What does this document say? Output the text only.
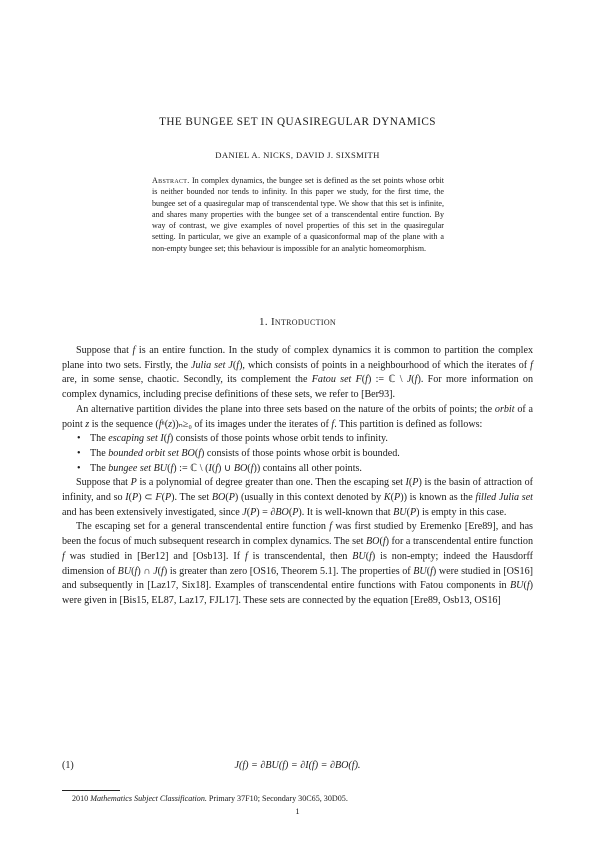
THE BUNGEE SET IN QUASIREGULAR DYNAMICS
DANIEL A. NICKS, DAVID J. SIXSMITH
Abstract. In complex dynamics, the bungee set is defined as the set points whose orbit is neither bounded nor tends to infinity. In this paper we study, for the first time, the bungee set of a quasiregular map of transcendental type. We show that this set is infinite, and shares many properties with the bungee set of a transcendental entire function. By way of contrast, we give examples of novel properties of this set in the quasiregular setting. In particular, we give an example of a quasiconformal map of the plane with a non-empty bungee set; this behaviour is impossible for an analytic homeomorphism.
1. Introduction

Suppose that f is an entire function. In the study of complex dynamics it is common to partition the complex plane into two sets. Firstly, the Julia set J(f), which consists of points in a neighbourhood of which the iterates of f are, in some sense, chaotic. Secondly, its complement the Fatou set F(f) := ℂ \ J(f). For more information on complex dynamics, including precise definitions of these sets, we refer to [Ber93].

An alternative partition divides the plane into three sets based on the nature of the orbits of points; the orbit of a point z is the sequence (fⁿ(z))ₙ≥₀ of its images under the iterates of f. This partition is defined as follows:

• The escaping set I(f) consists of those points whose orbit tends to infinity.
• The bounded orbit set BO(f) consists of those points whose orbit is bounded.
• The bungee set BU(f) := ℂ \ (I(f) ∪ BO(f)) contains all other points.

Suppose that P is a polynomial of degree greater than one. Then the escaping set I(P) is the basin of attraction of infinity, and so I(P) ⊂ F(P). The set BO(P) (usually in this context denoted by K(P)) is known as the filled Julia set and has been extensively investigated, since J(P) = ∂BO(P). It is well-known that BU(P) is empty in this case.

The escaping set for a general transcendental entire function f was first studied by Eremenko [Ere89], and has been the focus of much subsequent research in complex dynamics. The set BO(f) for a transcendental entire function f was studied in [Ber12] and [Osb13]. If f is transcendental, then BU(f) is non-empty; indeed the Hausdorff dimension of BU(f) ∩ J(f) is greater than zero [OS16, Theorem 5.1]. The properties of BU(f) were studied in [OS16] and subsequently in [Laz17, Six18]. Examples of transcendental entire functions with Fatou components in BU(f) were given in [Bis15, EL87, Laz17, FJL17]. These sets are connected by the equation [Ere89, Osb13, OS16]

(1)	J(f) = ∂BU(f) = ∂I(f) = ∂BO(f).
2010 Mathematics Subject Classification. Primary 37F10; Secondary 30C65, 30D05.
1
